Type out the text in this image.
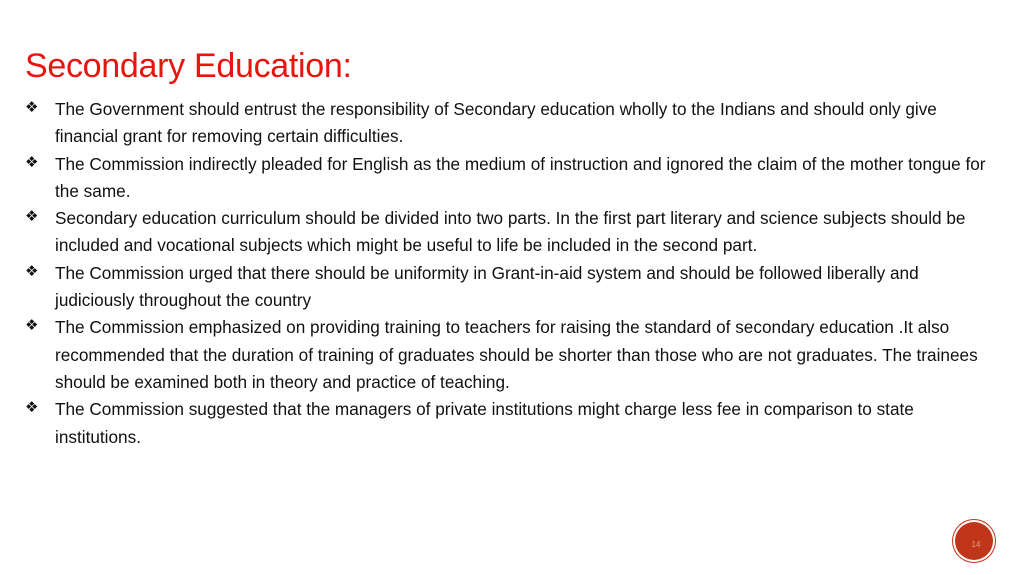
Secondary Education:
❖ The Government should entrust the responsibility of Secondary education wholly to the Indians and should only give financial grant for removing certain difficulties.
❖ The Commission indirectly pleaded for English as the medium of instruction and ignored the claim of the mother tongue for the same.
❖ Secondary education curriculum should be divided into two parts. In the first part literary and science subjects should be included and vocational subjects which might be useful to life be included in the second part.
❖ The Commission urged that there should be uniformity in Grant-in-aid system and should be followed liberally and judiciously throughout the country
❖ The Commission emphasized on providing training to teachers for raising the standard of secondary education .It also recommended that the duration of training of graduates should be shorter than those who are not graduates. The trainees should be examined both in theory and practice of teaching.
❖ The Commission suggested that the managers of private institutions might charge less fee in comparison to state institutions.
14
